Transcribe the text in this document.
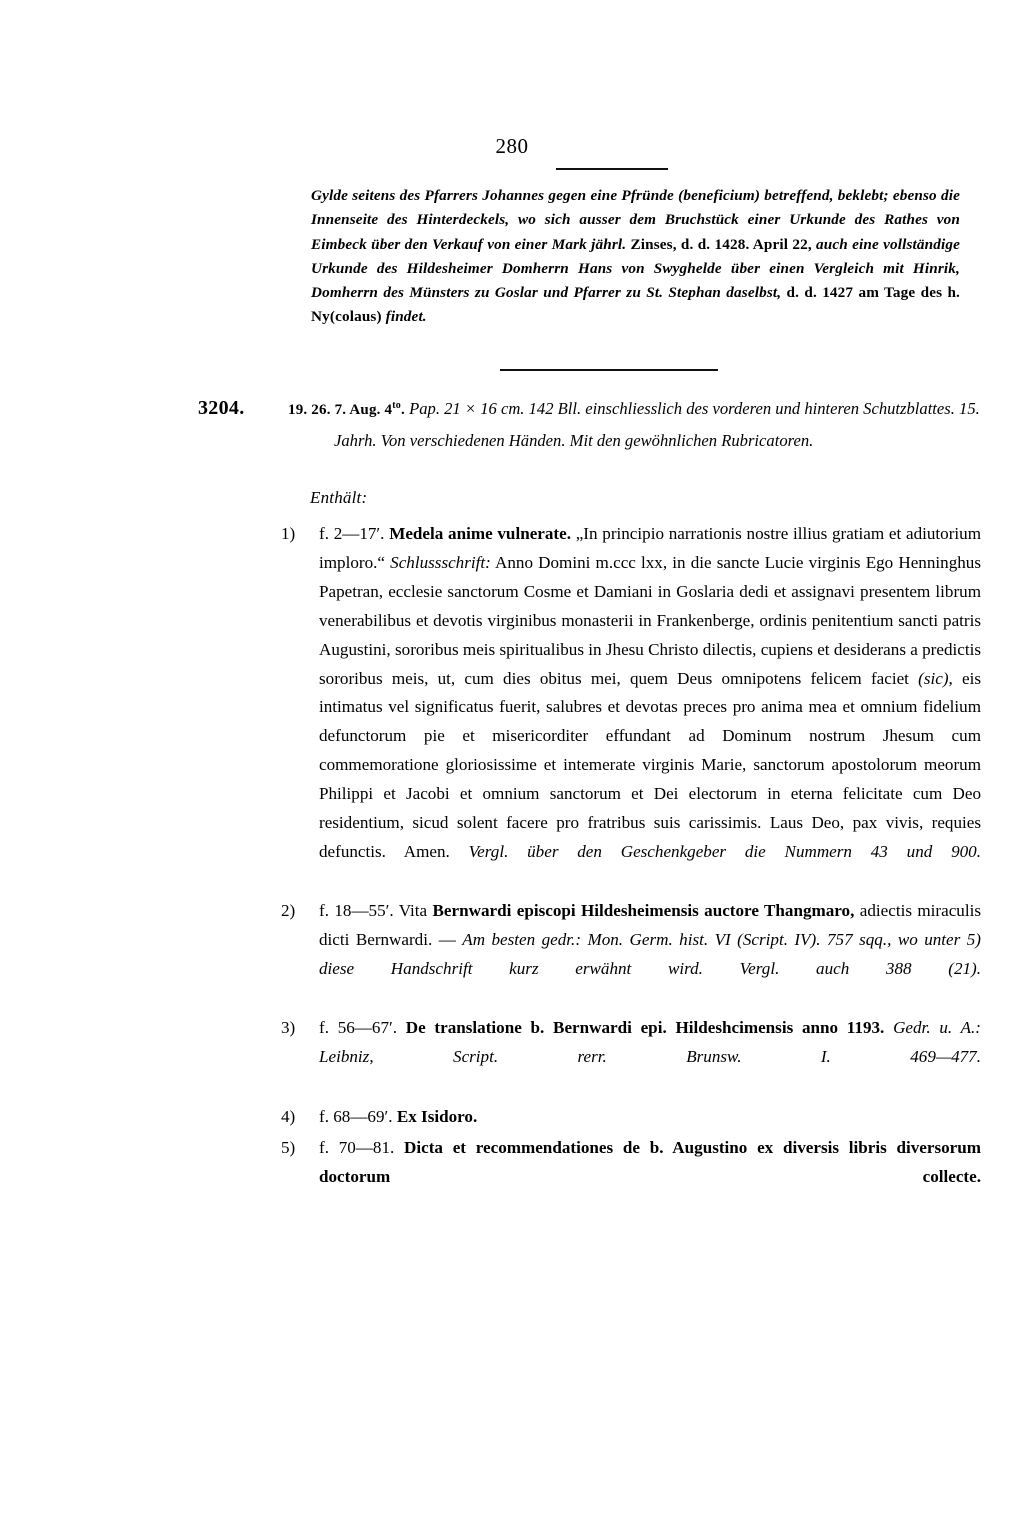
280
Gylde seitens des Pfarrers Johannes gegen eine Pfründe (beneficium) betreffend, beklebt; ebenso die Innenseite des Hinterdeckels, wo sich ausser dem Bruchstück einer Urkunde des Rathes von Eimbeck über den Verkauf von einer Mark jährl. Zinses, d. d. 1428. April 22, auch eine vollständige Urkunde des Hildesheimer Domherrn Hans von Swyghelde über einen Vergleich mit Hinrik, Domherrn des Münsters zu Goslar und Pfarrer zu St. Stephan daselbst, d. d. 1427 am Tage des h. Ny(colaus) findet.
3204.	19. 26. 7. Aug. $4^{to}$. Pap. 21 × 16 cm. 142 Bll. einschliesslich des vorderen und hinteren Schutzblattes. 15. Jahrh. Von verschiedenen Händen. Mit den gewöhnlichen Rubricatoren.
Enthält:
1)	f. 2—17′. Medela anime vulnerate. „In principio narrationis nostre illius gratiam et adiutorium imploro.“ Schlussschrift: Anno Domini m.ccc lxx, in die sancte Lucie virginis Ego Henninghus Papetran, ecclesie sanctorum Cosme et Damiani in Goslaria dedi et assignavi presentem librum venerabilibus et devotis virginibus monasterii in Frankenberge, ordinis penitentium sancti patris Augustini, sororibus meis spiritualibus in Jhesu Christo dilectis, cupiens et desiderans a predictis sororibus meis, ut, cum dies obitus mei, quem Deus omnipotens felicem faciet (sic), eis intimatus vel significatus fuerit, salubres et devotas preces pro anima mea et omnium fidelium defunctorum pie et misericorditer effundant ad Dominum nostrum Jhesum cum commemoratione gloriosissime et intemerate virginis Marie, sanctorum apostolorum meorum Philippi et Jacobi et omnium sanctorum et Dei electorum in eterna felicitate cum Deo residentium, sicud solent facere pro fratribus suis carissimis. Laus Deo, pax vivis, requies defunctis. Amen. Vergl. über den Geschenkgeber die Nummern 43 und 900.

2)	f. 18—55′. Vita Bernwardi episcopi Hildesheimensis auctore Thangmaro, adiectis miraculis dicti Bernwardi. — Am besten gedr.: Mon. Germ. hist. VI (Script. IV). 757 sqq., wo unter 5) diese Handschrift kurz erwähnt wird. Vergl. auch 388 (21).

3)	f. 56—67′. De translatione b. Bernwardi epi. Hildeshcimensis anno 1193. Gedr. u. A.: Leibniz, Script. rerr. Brunsw. I. 469—477.

4)	f. 68—69′. Ex Isidoro.

5)	f. 70—81. Dicta et recommendationes de b. Augustino ex diversis libris diversorum doctorum collecte.
